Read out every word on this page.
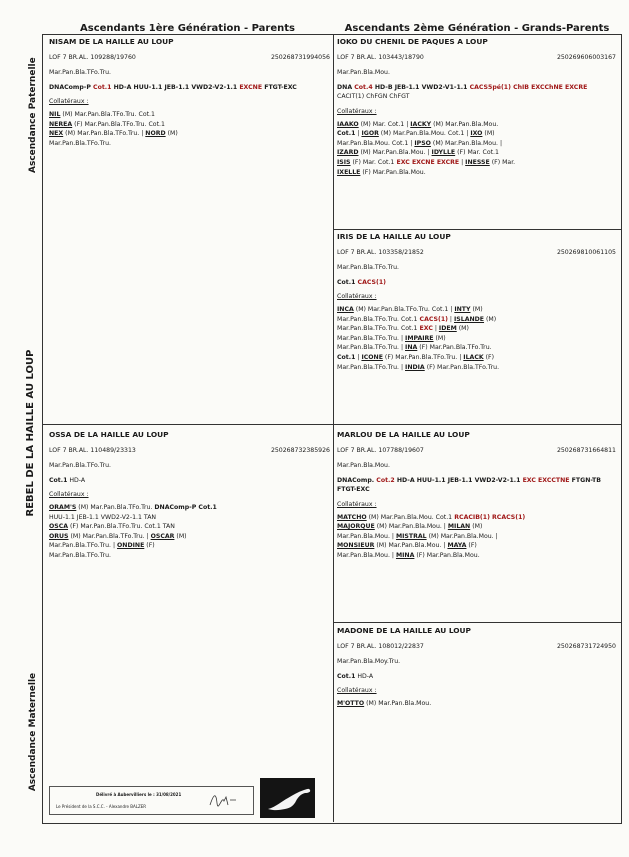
Ascendants 1ère Génération - Parents	Ascendants 2ème Génération - Grands-Parents
Ascendance Paternelle
REBEL DE LA HAILLE AU LOUP
Ascendance Maternelle
NISAM DE LA HAILLE AU LOUP
LOF 7 BR.AL. 109288/19760	250268731994056
Mar.Pan.Bla.TFo.Tru.
DNAComp-P Cot.1 HD-A HUU-1.1 JEB-1.1 VWD2-V2-1.1 EXCNE FTGT-EXC
Collatéraux :
NIL (M) Mar.Pan.Bla.TFo.Tru. Cot.1
NEREA (F) Mar.Pan.Bla.TFo.Tru. Cot.1
NEX (M) Mar.Pan.Bla.TFo.Tru. | NORD (M)
Mar.Pan.Bla.TFo.Tru.
IOKO DU CHENIL DE PAQUES A LOUP
LOF 7 BR.AL. 103443/18790	250269606003167
Mar.Pan.Bla.Mou.
DNA Cot.4 HD-B JEB-1.1 VWD2-V1-1.1 CACS5pé(1) ChIB EXCChNE EXCRE CACIT(1) ChFGN ChFGT
Collatéraux :
IAAKO (M) Mar. Cot.1 | IACKY (M) Mar.Pan.Bla.Mou.
Cot.1 | IGOR (M) Mar.Pan.Bla.Mou. Cot.1 | IXO (M)
Mar.Pan.Bla.Mou. Cot.1 | IPSO (M) Mar.Pan.Bla.Mou. |
IZARD (M) Mar.Pan.Bla.Mou. | IDYLLE (F) Mar. Cot.1
ISIS (F) Mar. Cot.1 EXC EXCNE EXCRE | INESSE (F) Mar.
IXELLE (F) Mar.Pan.Bla.Mou.
IRIS DE LA HAILLE AU LOUP
LOF 7 BR.AL. 103358/21852	250269810061105
Mar.Pan.Bla.TFo.Tru.
Cot.1 CACS(1)
Collatéraux :
INCA (M) Mar.Pan.Bla.TFo.Tru. Cot.1 | INTY (M)
Mar.Pan.Bla.TFo.Tru. Cot.1 CACS(1) | ISLANDE (M)
Mar.Pan.Bla.TFo.Tru. Cot.1 EXC | IDEM (M)
Mar.Pan.Bla.TFo.Tru. | IMPAIRE (M)
Mar.Pan.Bla.TFo.Tru. | INA (F) Mar.Pan.Bla.TFo.Tru.
Cot.1 | ICONE (F) Mar.Pan.Bla.TFo.Tru. | ILACK (F)
Mar.Pan.Bla.TFo.Tru. | INDIA (F) Mar.Pan.Bla.TFo.Tru.
OSSA DE LA HAILLE AU LOUP
LOF 7 BR.AL. 110489/23313	250268732385926
Mar.Pan.Bla.TFo.Tru.
Cot.1 HD-A
Collatéraux :
ORAM'S (M) Mar.Pan.Bla.TFo.Tru. DNAComp-P Cot.1
HUU-1.1 JEB-1.1 VWD2-V2-1.1 TAN
OSCA (F) Mar.Pan.Bla.TFo.Tru. Cot.1 TAN
ORUS (M) Mar.Pan.Bla.TFo.Tru. | OSCAR (M)
Mar.Pan.Bla.TFo.Tru. | ONDINE (F)
Mar.Pan.Bla.TFo.Tru.
MARLOU DE LA HAILLE AU LOUP
LOF 7 BR.AL. 107788/19607	250268731664811
Mar.Pan.Bla.Mou.
DNAComp. Cot.2 HD-A HUU-1.1 JEB-1.1 VWD2-V2-1.1 EXC EXCCTNE FTGN-TB FTGT-EXC
Collatéraux :
MATCHO (M) Mar.Pan.Bla.Mou. Cot.1 RCACIB(1) RCACS(1)
MAJORQUE (M) Mar.Pan.Bla.Mou. | MILAN (M)
Mar.Pan.Bla.Mou. | MISTRAL (M) Mar.Pan.Bla.Mou. |
MONSIEUR (M) Mar.Pan.Bla.Mou. | MAYA (F)
Mar.Pan.Bla.Mou. | MINA (F) Mar.Pan.Bla.Mou.
MADONE DE LA HAILLE AU LOUP
LOF 7 BR.AL. 108012/22837	250268731724950
Mar.Pan.Bla.Moy.Tru.
Cot.1 HD-A
Collatéraux :
M'OTTO (M) Mar.Pan.Bla.Mou.
Délivré à Aubervilliers le : 31/08/2021
Le Président de la S.C.C. - Alexandre BALZER
